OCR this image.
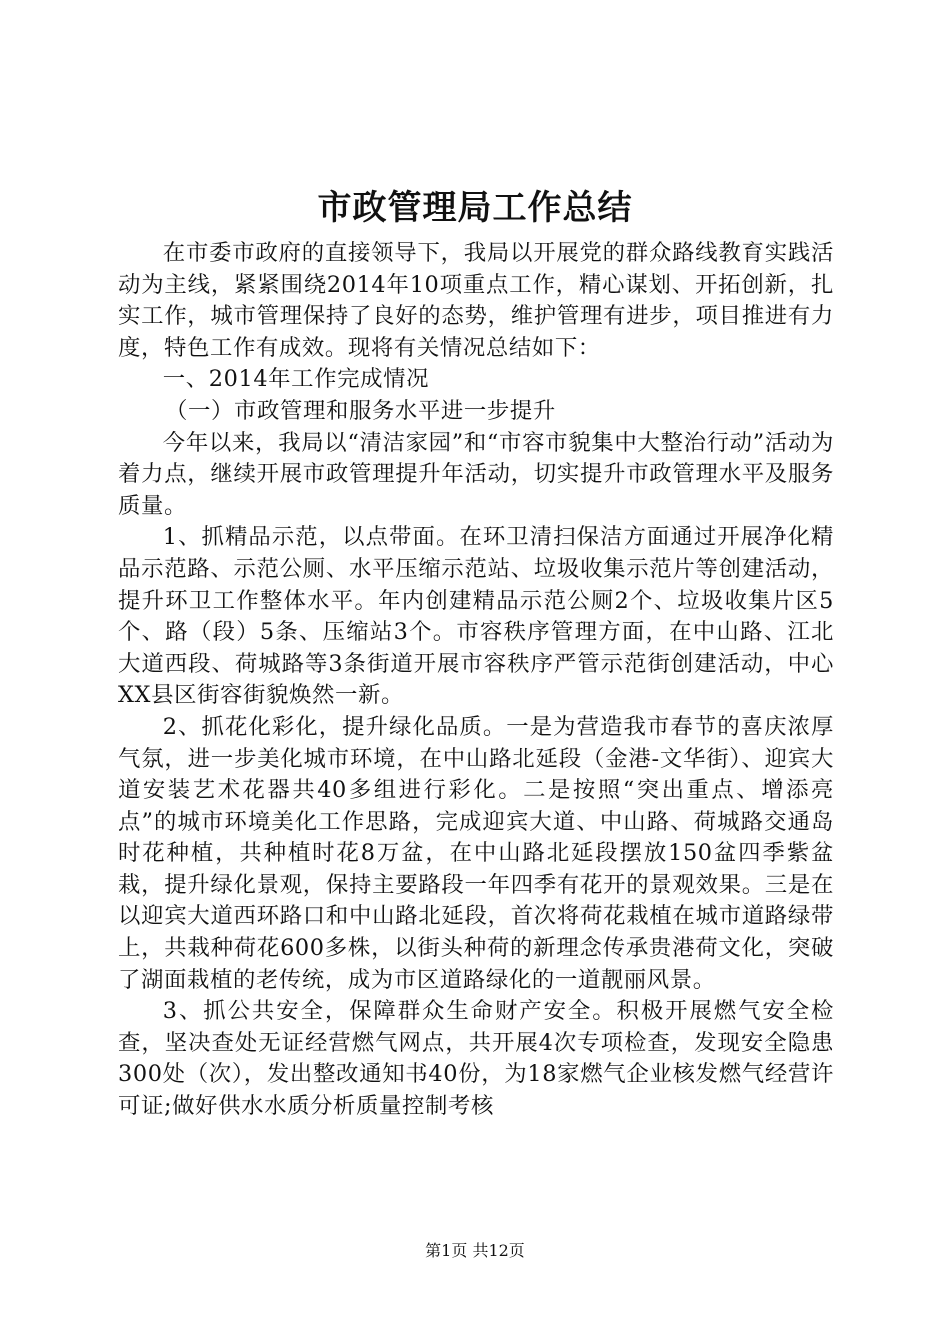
市政管理局工作总结

在市委市政府的直接领导下，我局以开展党的群众路线教育实践活动为主线，紧紧围绕2014年10项重点工作，精心谋划、开拓创新，扎实工作，城市管理保持了良好的态势，维护管理有进步，项目推进有力度，特色工作有成效。现将有关情况总结如下：

一、2014年工作完成情况

（一）市政管理和服务水平进一步提升

今年以来，我局以“清洁家园”和“市容市貌集中大整治行动”活动为着力点，继续开展市政管理提升年活动，切实提升市政管理水平及服务质量。

1、抓精品示范，以点带面。在环卫清扫保洁方面通过开展净化精品示范路、示范公厕、水平压缩示范站、垃圾收集示范片等创建活动，提升环卫工作整体水平。年内创建精品示范公厕2个、垃圾收集片区5个、路（段）5条、压缩站3个。市容秩序管理方面，在中山路、江北大道西段、荷城路等3条街道开展市容秩序严管示范街创建活动，中心XX县区街容街貌焕然一新。

2、抓花化彩化，提升绿化品质。一是为营造我市春节的喜庆浓厚气氛，进一步美化城市环境，在中山路北延段（金港-文华街）、迎宾大道安装艺术花器共40多组进行彩化。二是按照“突出重点、增添亮点”的城市环境美化工作思路，完成迎宾大道、中山路、荷城路交通岛时花种植，共种植时花8万盆，在中山路北延段摆放150盆四季紫盆栽，提升绿化景观，保持主要路段一年四季有花开的景观效果。三是在以迎宾大道西环路口和中山路北延段，首次将荷花栽植在城市道路绿带上，共栽种荷花600多株，以街头种荷的新理念传承贵港荷文化，突破了湖面栽植的老传统，成为市区道路绿化的一道靓丽风景。

3、抓公共安全，保障群众生命财产安全。积极开展燃气安全检查，坚决查处无证经营燃气网点，共开展4次专项检查，发现安全隐患300处（次），发出整改通知书40份，为18家燃气企业核发燃气经营许可证;做好供水水质分析质量控制考核

第1页 共12页
